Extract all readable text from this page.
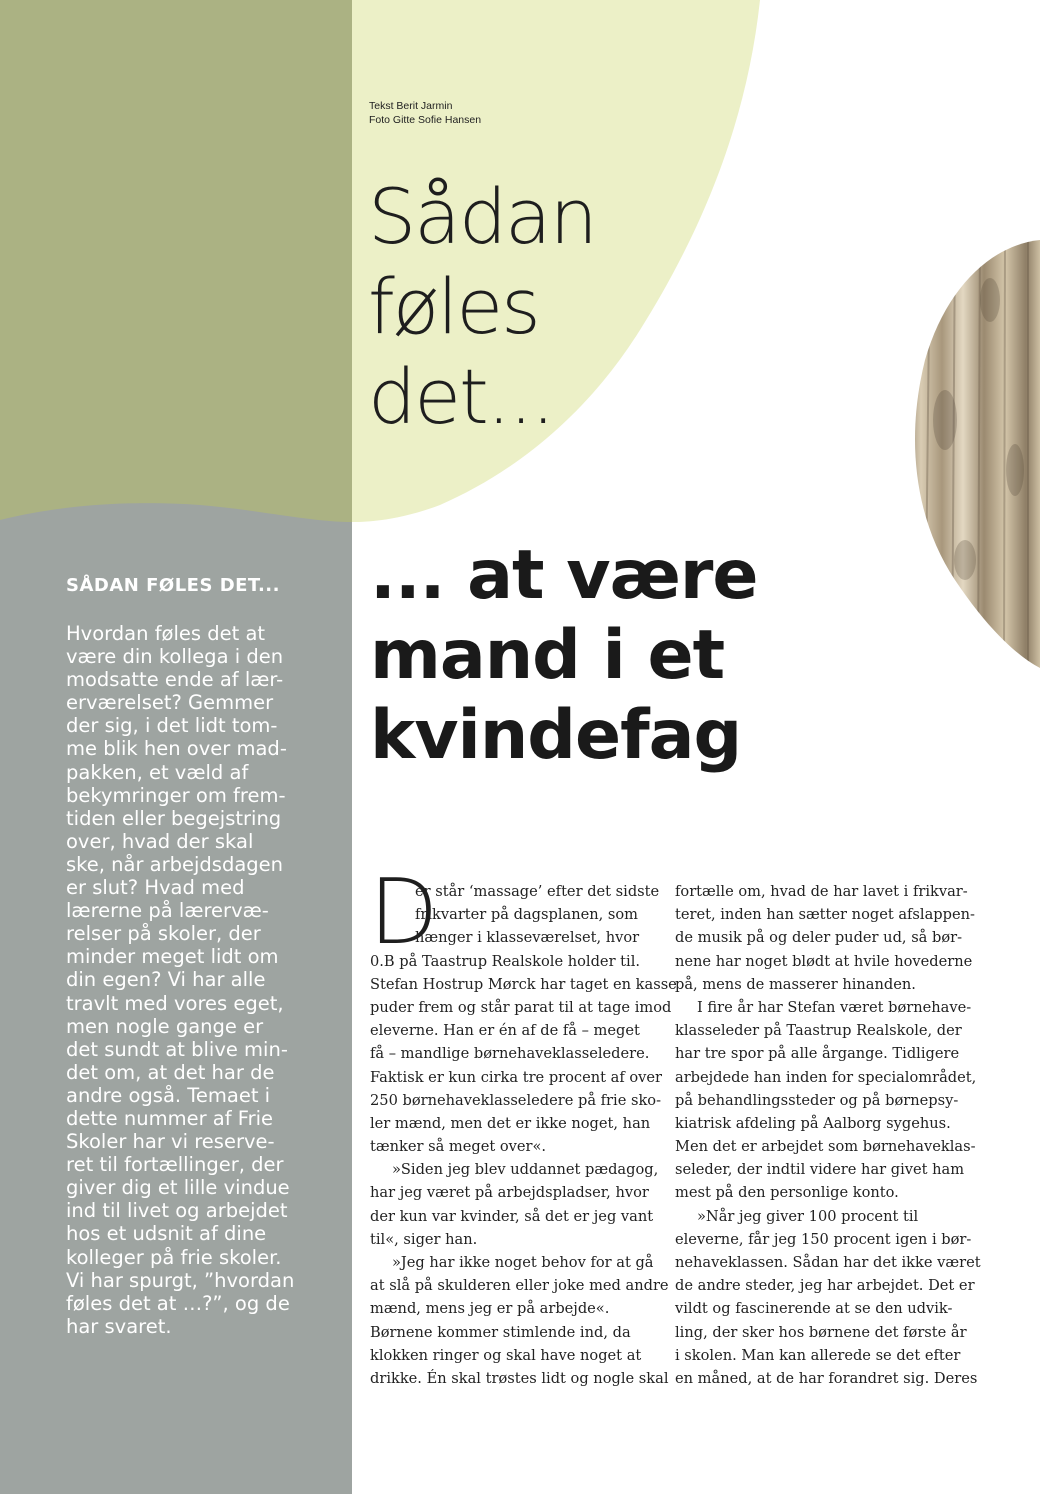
Tekst Berit Jarmin
Foto Gitte Sofie Hansen
Sådan
føles
det...
... at være
mand i et
kvindefag
SÅDAN FØLES DET...
Hvordan føles det at
være din kollega i den
modsatte ende af lær-
erværelset? Gemmer
der sig, i det lidt tom-
me blik hen over mad-
pakken, et væld af
bekymringer om frem-
tiden eller begejstring
over, hvad der skal
ske, når arbejdsdagen
er slut? Hvad med
lærerne på lærervæ-
relser på skoler, der
minder meget lidt om
din egen? Vi har alle
travlt med vores eget,
men nogle gange er
det sundt at blive min-
det om, at det har de
andre også. Temaet i
dette nummer af Frie
Skoler har vi reserve-
ret til fortællinger, der
giver dig et lille vindue
ind til livet og arbejdet
hos et udsnit af dine
kolleger på frie skoler.
Vi har spurgt, ”hvordan
føles det at …?”, og de
har svaret.
D
er står ‘massage’ efter det sidste
frikvarter på dagsplanen, som
hænger i klasseværelset, hvor
0.B på Taastrup Realskole holder til.
Stefan Hostrup Mørck har taget en kasse
puder frem og står parat til at tage imod
eleverne. Han er én af de få – meget
få – mandlige børnehaveklasseledere.
Faktisk er kun cirka tre procent af over
250 børnehaveklasseledere på frie sko-
ler mænd, men det er ikke noget, han
tænker så meget over«.
»Siden jeg blev uddannet pædagog,
har jeg været på arbejdspladser, hvor
der kun var kvinder, så det er jeg vant
til«, siger han.
»Jeg har ikke noget behov for at gå
at slå på skulderen eller joke med andre
mænd, mens jeg er på arbejde«.
Børnene kommer stimlende ind, da
klokken ringer og skal have noget at
drikke. Én skal trøstes lidt og nogle skal
fortælle om, hvad de har lavet i frikvar-
teret, inden han sætter noget afslappen-
de musik på og deler puder ud, så bør-
nene har noget blødt at hvile hovederne
på, mens de masserer hinanden.
I fire år har Stefan været børnehave-
klasseleder på Taastrup Realskole, der
har tre spor på alle årgange. Tidligere
arbejdede han inden for specialområdet,
på behandlingssteder og på børnepsy-
kiatrisk afdeling på Aalborg sygehus.
Men det er arbejdet som børnehaveklas-
seleder, der indtil videre har givet ham
mest på den personlige konto.
»Når jeg giver 100 procent til
eleverne, får jeg 150 procent igen i bør-
nehaveklassen. Sådan har det ikke været
de andre steder, jeg har arbejdet. Det er
vildt og fascinerende at se den udvik-
ling, der sker hos børnene det første år
i skolen. Man kan allerede se det efter
en måned, at de har forandret sig. Deres
